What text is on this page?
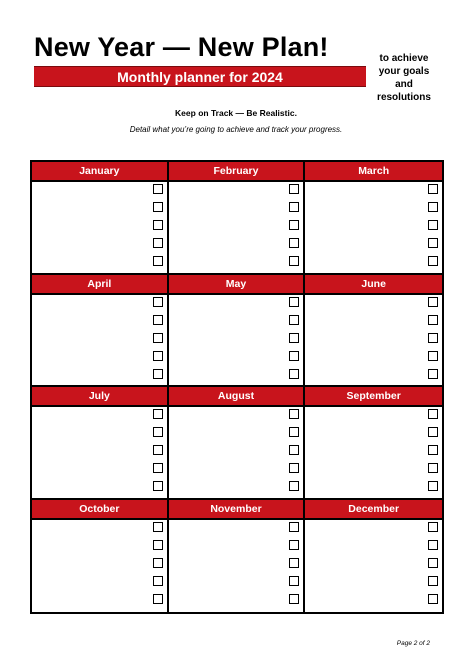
New Year — New Plan!
Monthly planner for 2024
to achieve your goals and resolutions
Keep on Track — Be Realistic.
Detail what you’re going to achieve and track your progress.
January	February	March
April	May	June
July	August	September
October	November	December
Page 2 of 2
